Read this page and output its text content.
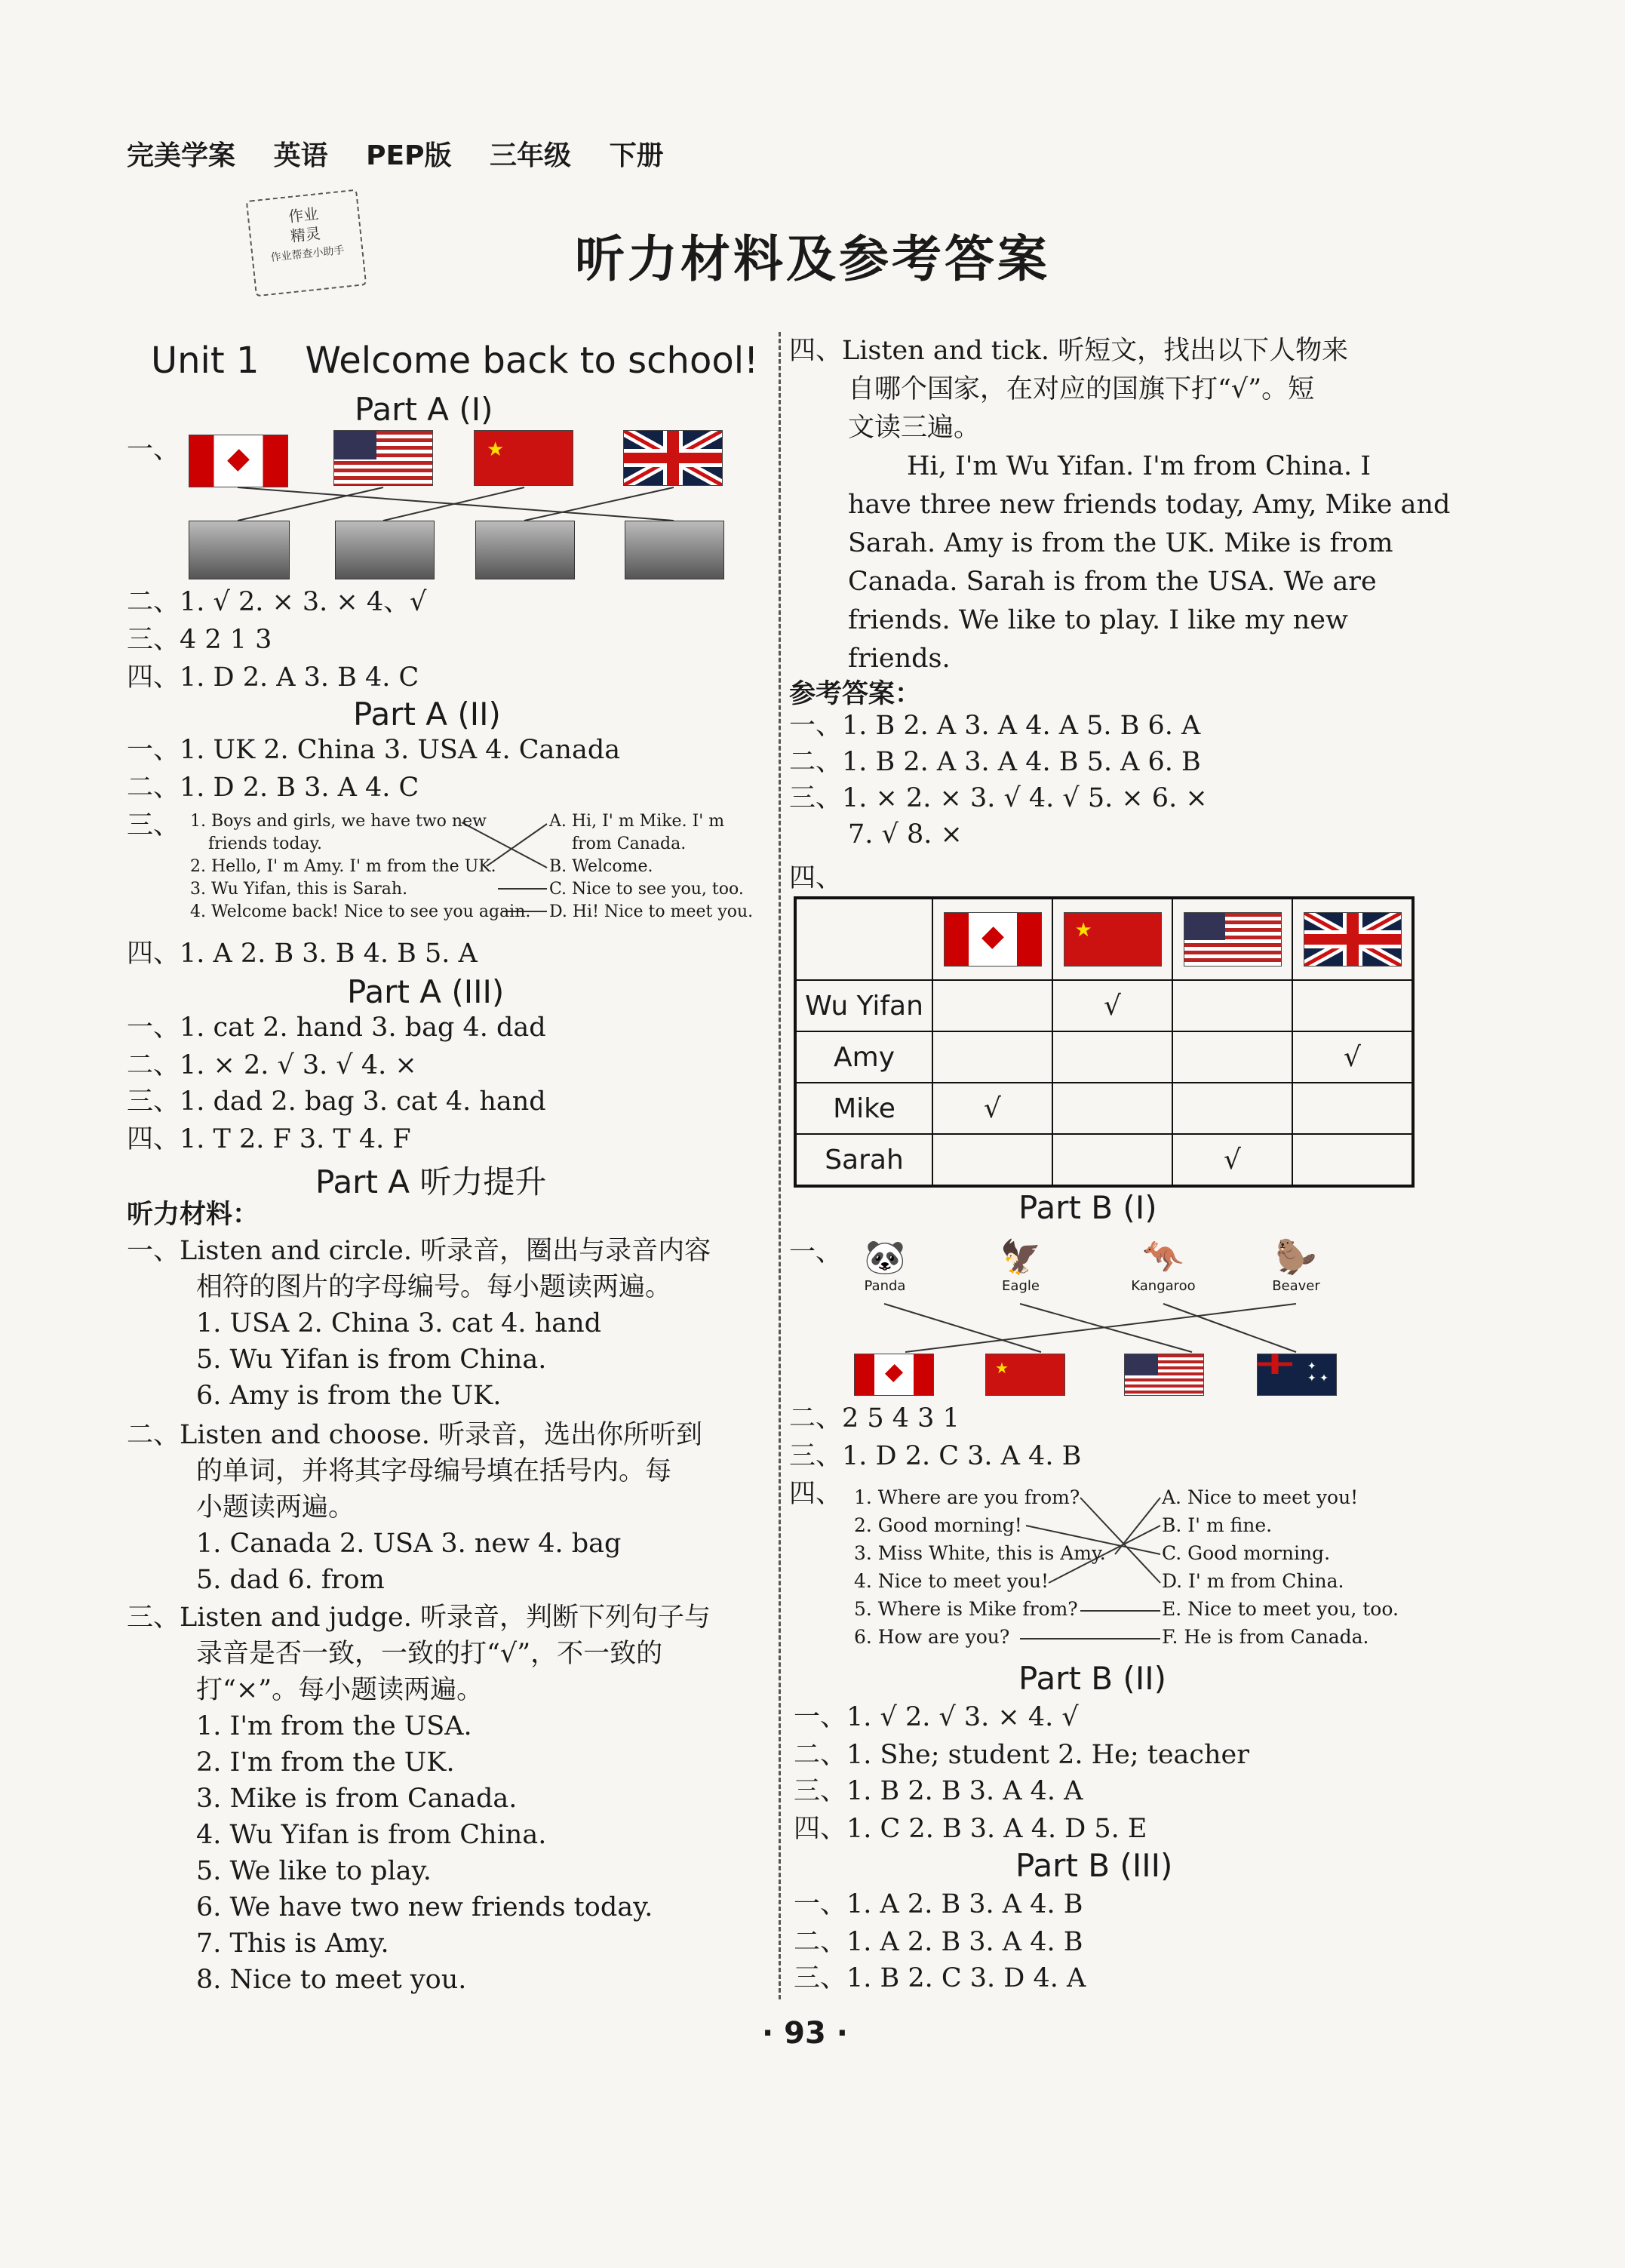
完美学案 英语 PEP版 三年级 下册
作业
精灵
作业帮查小助手	听力材料及参考答案
Unit 1 Welcome back to school!
Part A (I)
一、	★
二、1. √ 2. × 3. × 4、√
三、4 2 1 3
四、1. D 2. A 3. B 4. C
Part A (II)
一、1. UK 2. China 3. USA 4. Canada
二、1. D 2. B 3. A 4. C
三、 1. Boys and girls, we have two new
friends today.
2. Hello, I' m Amy. I' m from the UK.
3. Wu Yifan, this is Sarah.
4. Welcome back! Nice to see you again.
A. Hi, I' m Mike. I' m
from Canada.
B. Welcome.
C. Nice to see you, too.
D. Hi! Nice to meet you.
四、1. A 2. B 3. B 4. B 5. A
Part A (III)
一、1. cat 2. hand 3. bag 4. dad
二、1. × 2. √ 3. √ 4. ×
三、1. dad 2. bag 3. cat 4. hand
四、1. T 2. F 3. T 4. F
Part A 听力提升
听力材料：
一、Listen and circle. 听录音，圈出与录音内容
相符的图片的字母编号。每小题读两遍。
1. USA 2. China 3. cat 4. hand
5. Wu Yifan is from China.
6. Amy is from the UK.
二、Listen and choose. 听录音，选出你所听到
的单词，并将其字母编号填在括号内。每
小题读两遍。
1. Canada 2. USA 3. new 4. bag
5. dad 6. from
三、Listen and judge. 听录音，判断下列句子与
录音是否一致，一致的打“√”，不一致的
打“×”。每小题读两遍。
1. I'm from the USA.
2. I'm from the UK.
3. Mike is from Canada.
4. Wu Yifan is from China.
5. We like to play.
6. We have two new friends today.
7. This is Amy.
8. Nice to meet you.
四、Listen and tick. 听短文，找出以下人物来
自哪个国家，在对应的国旗下打“√”。短
文读三遍。
Hi, I'm Wu Yifan. I'm from China. I
have three new friends today, Amy, Mike and
Sarah. Amy is from the UK. Mike is from
Canada. Sarah is from the USA. We are
friends. We like to play. I like my new
friends.
参考答案：
一、1. B 2. A 3. A 4. A 5. B 6. A
二、1. B 2. A 3. A 4. B 5. A 6. B
三、1. × 2. × 3. √ 4. √ 5. × 6. ×
7. √ 8. ×
四、

		★

Wu Yifan		√		
Amy				√
Mike	√			
Sarah			√	
Part B (I)
一、 🐼
Panda
🦅
Eagle
🦘
Kangaroo
🦫
Beaver
★	✦
✦ ✦
二、2 5 4 3 1
三、1. D 2. C 3. A 4. B
四、 1. Where are you from?
2. Good morning!
3. Miss White, this is Amy.
4. Nice to meet you!
5. Where is Mike from?
6. How are you?
A. Nice to meet you!
B. I' m fine.
C. Good morning.
D. I' m from China.
E. Nice to meet you, too.
F. He is from Canada.
Part B (II)
一、1. √ 2. √ 3. × 4. √
二、1. She; student 2. He; teacher
三、1. B 2. B 3. A 4. A
四、1. C 2. B 3. A 4. D 5. E
Part B (III)
一、1. A 2. B 3. A 4. B
二、1. A 2. B 3. A 4. B
三、1. B 2. C 3. D 4. A
· 93 ·
